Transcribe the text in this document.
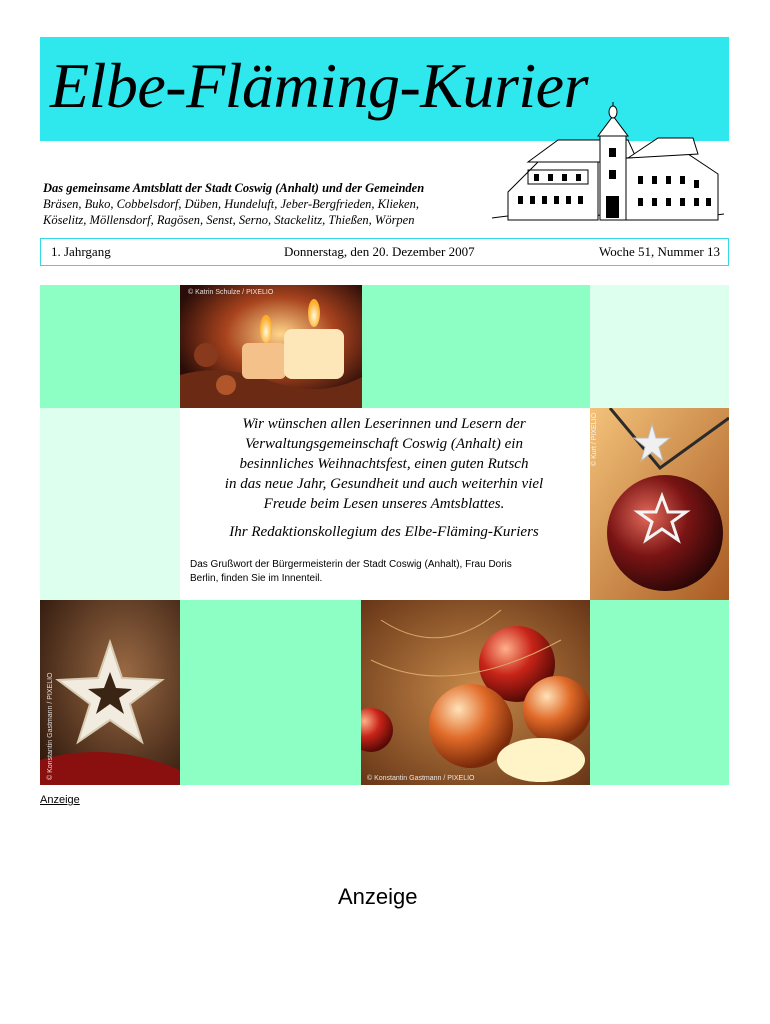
Elbe-Fläming-Kurier
Das gemeinsame Amtsblatt der Stadt Coswig (Anhalt) und der Gemeinden
Bräsen, Buko, Cobbelsdorf, Düben, Hundeluft, Jeber-Bergfrieden, Klieken,
Köselitz, Möllensdorf, Ragösen, Senst, Serno, Stackelitz, Thießen, Wörpen
1. Jahrgang	Donnerstag, den 20. Dezember 2007	Woche 51, Nummer 13
© Katrin Schulze / PIXELIO
© Kurt / PIXELIO
© Konstantin Gastmann / PIXELIO	© Konstantin Gastmann / PIXELIO
Wir wünschen allen Leserinnen und Lesern der
Verwaltungsgemeinschaft Coswig (Anhalt) ein
besinnliches Weihnachtsfest, einen guten Rutsch
in das neue Jahr, Gesundheit und auch weiterhin viel
Freude beim Lesen unseres Amtsblattes.
Ihr Redaktionskollegium des Elbe-Fläming-Kuriers
Das Grußwort der Bürgermeisterin der Stadt Coswig (Anhalt), Frau Doris
Berlin, finden Sie im Innenteil.
Anzeige
Anzeige
